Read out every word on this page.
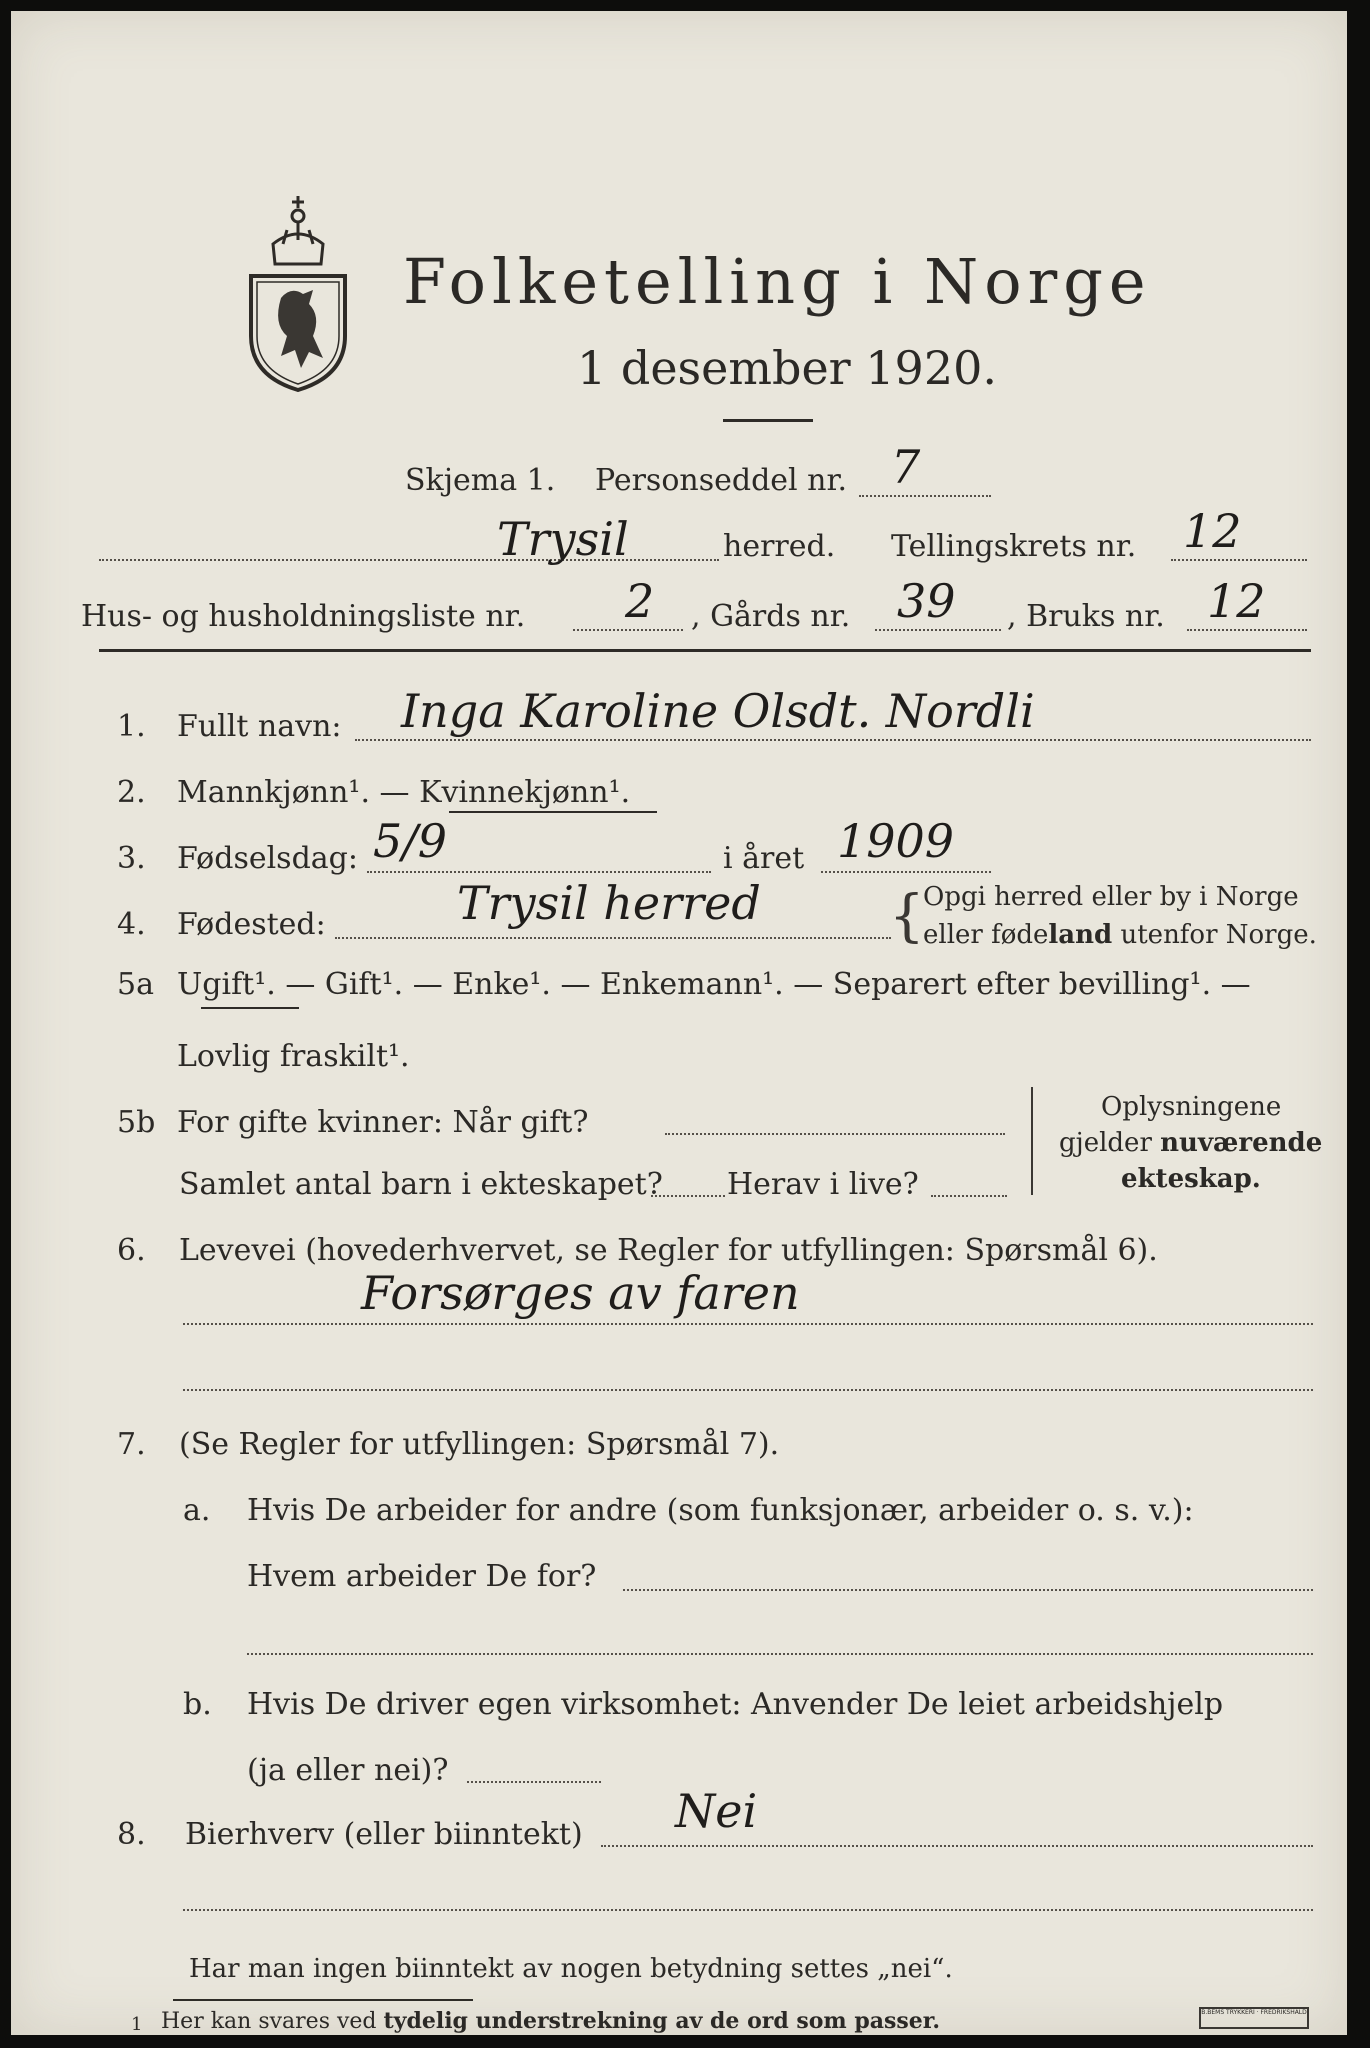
Folketelling i Norge
1 desember 1920.
Skjema 1. Personseddel nr. 7
Trysil	herred. Tellingskrets nr. 12
Hus- og husholdningsliste nr. 2 , Gårds nr. 39 , Bruks nr. 12
1. Fullt navn: Inga Karoline Olsdt. Nordli
2. Mannkjønn¹. — Kvinnekjønn¹.
3. Fødselsdag: 5/9	i året 1909
4. Fødested:	Trysil herred {
Opgi herred eller by i Norge
eller fødeland utenfor Norge.
5a Ugift¹. — Gift¹. — Enke¹. — Enkemann¹. — Separert efter bevilling¹. —
Lovlig fraskilt¹.
5b For gifte kvinner: Når gift?
Samlet antal barn i ekteskapet? Herav i live?
Oplysningene
gjelder nuværende
ekteskap.
6. Levevei (hovederhvervet, se Regler for utfyllingen: Spørsmål 6).
Forsørges av faren
7. (Se Regler for utfyllingen: Spørsmål 7).
a. Hvis De arbeider for andre (som funksjonær, arbeider o. s. v.):
Hvem arbeider De for?
b. Hvis De driver egen virksomhet: Anvender De leiet arbeidshjelp
(ja eller nei)?
8. Bierhverv (eller biinntekt) Nei
Har man ingen biinntekt av nogen betydning settes „nei“.
1 Her kan svares ved tydelig understrekning av de ord som passer.	B.BEMS TRYKKERI · FREDRIKSHALD
